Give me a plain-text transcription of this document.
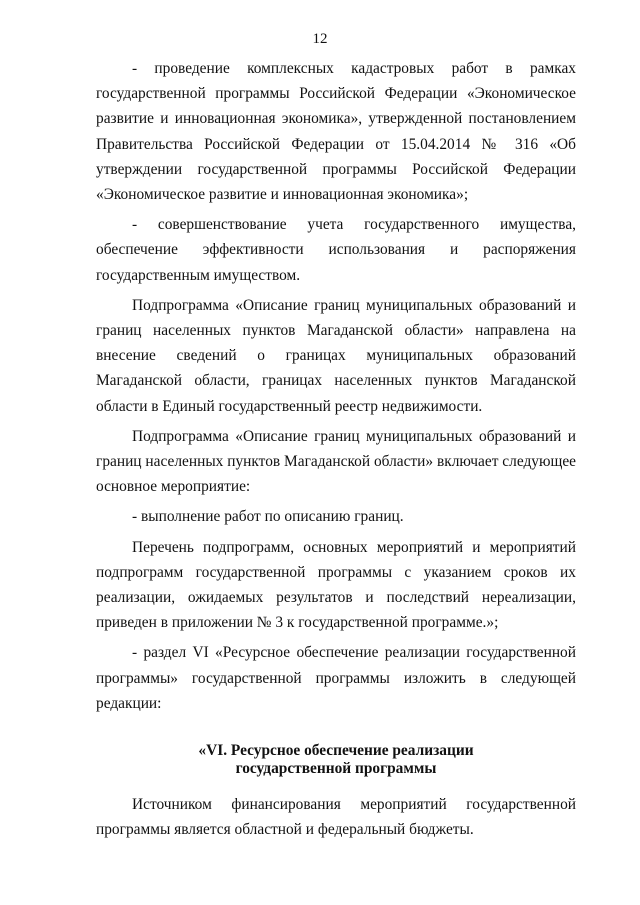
12

- проведение комплексных кадастровых работ в рамках государственной программы Российской Федерации «Экономическое развитие и инновационная экономика», утвержденной постановлением Правительства Российской Федерации от 15.04.2014 № 316 «Об утверждении государственной программы Российской Федерации «Экономическое развитие и инновационная экономика»;

- совершенствование учета государственного имущества, обеспечение эффективности использования и распоряжения государственным имуществом.

Подпрограмма «Описание границ муниципальных образований и границ населенных пунктов Магаданской области» направлена на внесение сведений о границах муниципальных образований Магаданской области, границах населенных пунктов Магаданской области в Единый государственный реестр недвижимости.

Подпрограмма «Описание границ муниципальных образований и границ населенных пунктов Магаданской области» включает следующее основное мероприятие:

- выполнение работ по описанию границ.

Перечень подпрограмм, основных мероприятий и мероприятий подпрограмм государственной программы с указанием сроков их реализации, ожидаемых результатов и последствий нереализации, приведен в приложении № 3 к государственной программе.»;

- раздел VI «Ресурсное обеспечение реализации государственной программы» государственной программы изложить в следующей редакции:

«VI. Ресурсное обеспечение реализации
государственной программы

Источником финансирования мероприятий государственной программы является областной и федеральный бюджеты.
